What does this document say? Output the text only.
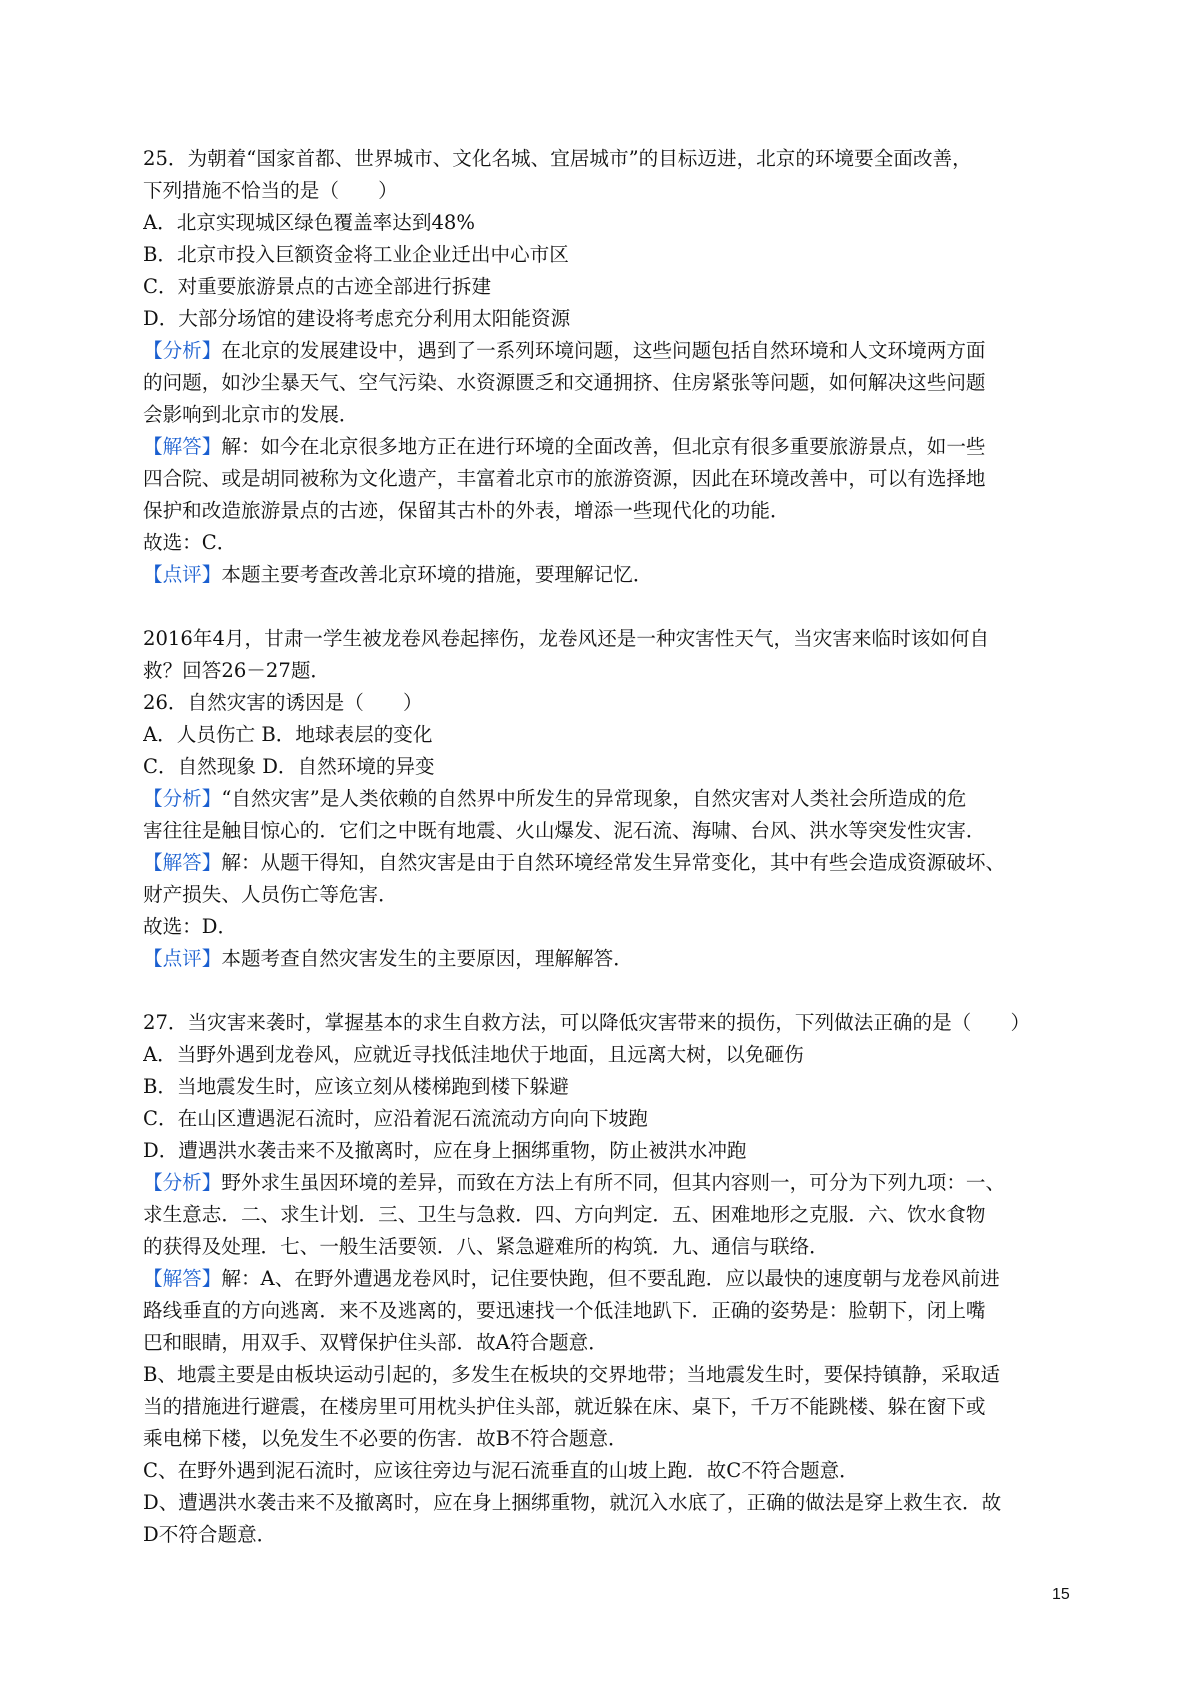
25．为朝着“国家首都、世界城市、文化名城、宜居城市”的目标迈进，北京的环境要全面改善，
下列措施不恰当的是（　　）
A．北京实现城区绿色覆盖率达到48%
B．北京市投入巨额资金将工业企业迁出中心市区
C．对重要旅游景点的古迹全部进行拆建
D．大部分场馆的建设将考虑充分利用太阳能资源
【分析】在北京的发展建设中，遇到了一系列环境问题，这些问题包括自然环境和人文环境两方面
的问题，如沙尘暴天气、空气污染、水资源匮乏和交通拥挤、住房紧张等问题，如何解决这些问题
会影响到北京市的发展．
【解答】解：如今在北京很多地方正在进行环境的全面改善，但北京有很多重要旅游景点，如一些
四合院、或是胡同被称为文化遗产，丰富着北京市的旅游资源，因此在环境改善中，可以有选择地
保护和改造旅游景点的古迹，保留其古朴的外表，增添一些现代化的功能．
故选：C．
【点评】本题主要考查改善北京环境的措施，要理解记忆．
2016年4月，甘肃一学生被龙卷风卷起摔伤，龙卷风还是一种灾害性天气，当灾害来临时该如何自
救？回答26－27题．
26．自然灾害的诱因是（　　）
A．人员伤亡 B．地球表层的变化
C．自然现象 D．自然环境的异变
【分析】“自然灾害”是人类依赖的自然界中所发生的异常现象，自然灾害对人类社会所造成的危
害往往是触目惊心的．它们之中既有地震、火山爆发、泥石流、海啸、台风、洪水等突发性灾害．
【解答】解：从题干得知，自然灾害是由于自然环境经常发生异常变化，其中有些会造成资源破坏、
财产损失、人员伤亡等危害．
故选：D．
【点评】本题考查自然灾害发生的主要原因，理解解答．
27．当灾害来袭时，掌握基本的求生自救方法，可以降低灾害带来的损伤，下列做法正确的是（　　）
A．当野外遇到龙卷风，应就近寻找低洼地伏于地面，且远离大树，以免砸伤
B．当地震发生时，应该立刻从楼梯跑到楼下躲避
C．在山区遭遇泥石流时，应沿着泥石流流动方向向下坡跑
D．遭遇洪水袭击来不及撤离时，应在身上捆绑重物，防止被洪水冲跑
【分析】野外求生虽因环境的差异，而致在方法上有所不同，但其内容则一，可分为下列九项：一、
求生意志．二、求生计划．三、卫生与急救．四、方向判定．五、困难地形之克服．六、饮水食物
的获得及处理．七、一般生活要领．八、紧急避难所的构筑．九、通信与联络．
【解答】解：A、在野外遭遇龙卷风时，记住要快跑，但不要乱跑．应以最快的速度朝与龙卷风前进
路线垂直的方向逃离．来不及逃离的，要迅速找一个低洼地趴下．正确的姿势是：脸朝下，闭上嘴
巴和眼睛，用双手、双臂保护住头部．故A符合题意．
B、地震主要是由板块运动引起的，多发生在板块的交界地带；当地震发生时，要保持镇静，采取适
当的措施进行避震，在楼房里可用枕头护住头部，就近躲在床、桌下，千万不能跳楼、躲在窗下或
乘电梯下楼，以免发生不必要的伤害．故B不符合题意．
C、在野外遇到泥石流时，应该往旁边与泥石流垂直的山坡上跑．故C不符合题意．
D、遭遇洪水袭击来不及撤离时，应在身上捆绑重物，就沉入水底了，正确的做法是穿上救生衣．故
D不符合题意．
15
